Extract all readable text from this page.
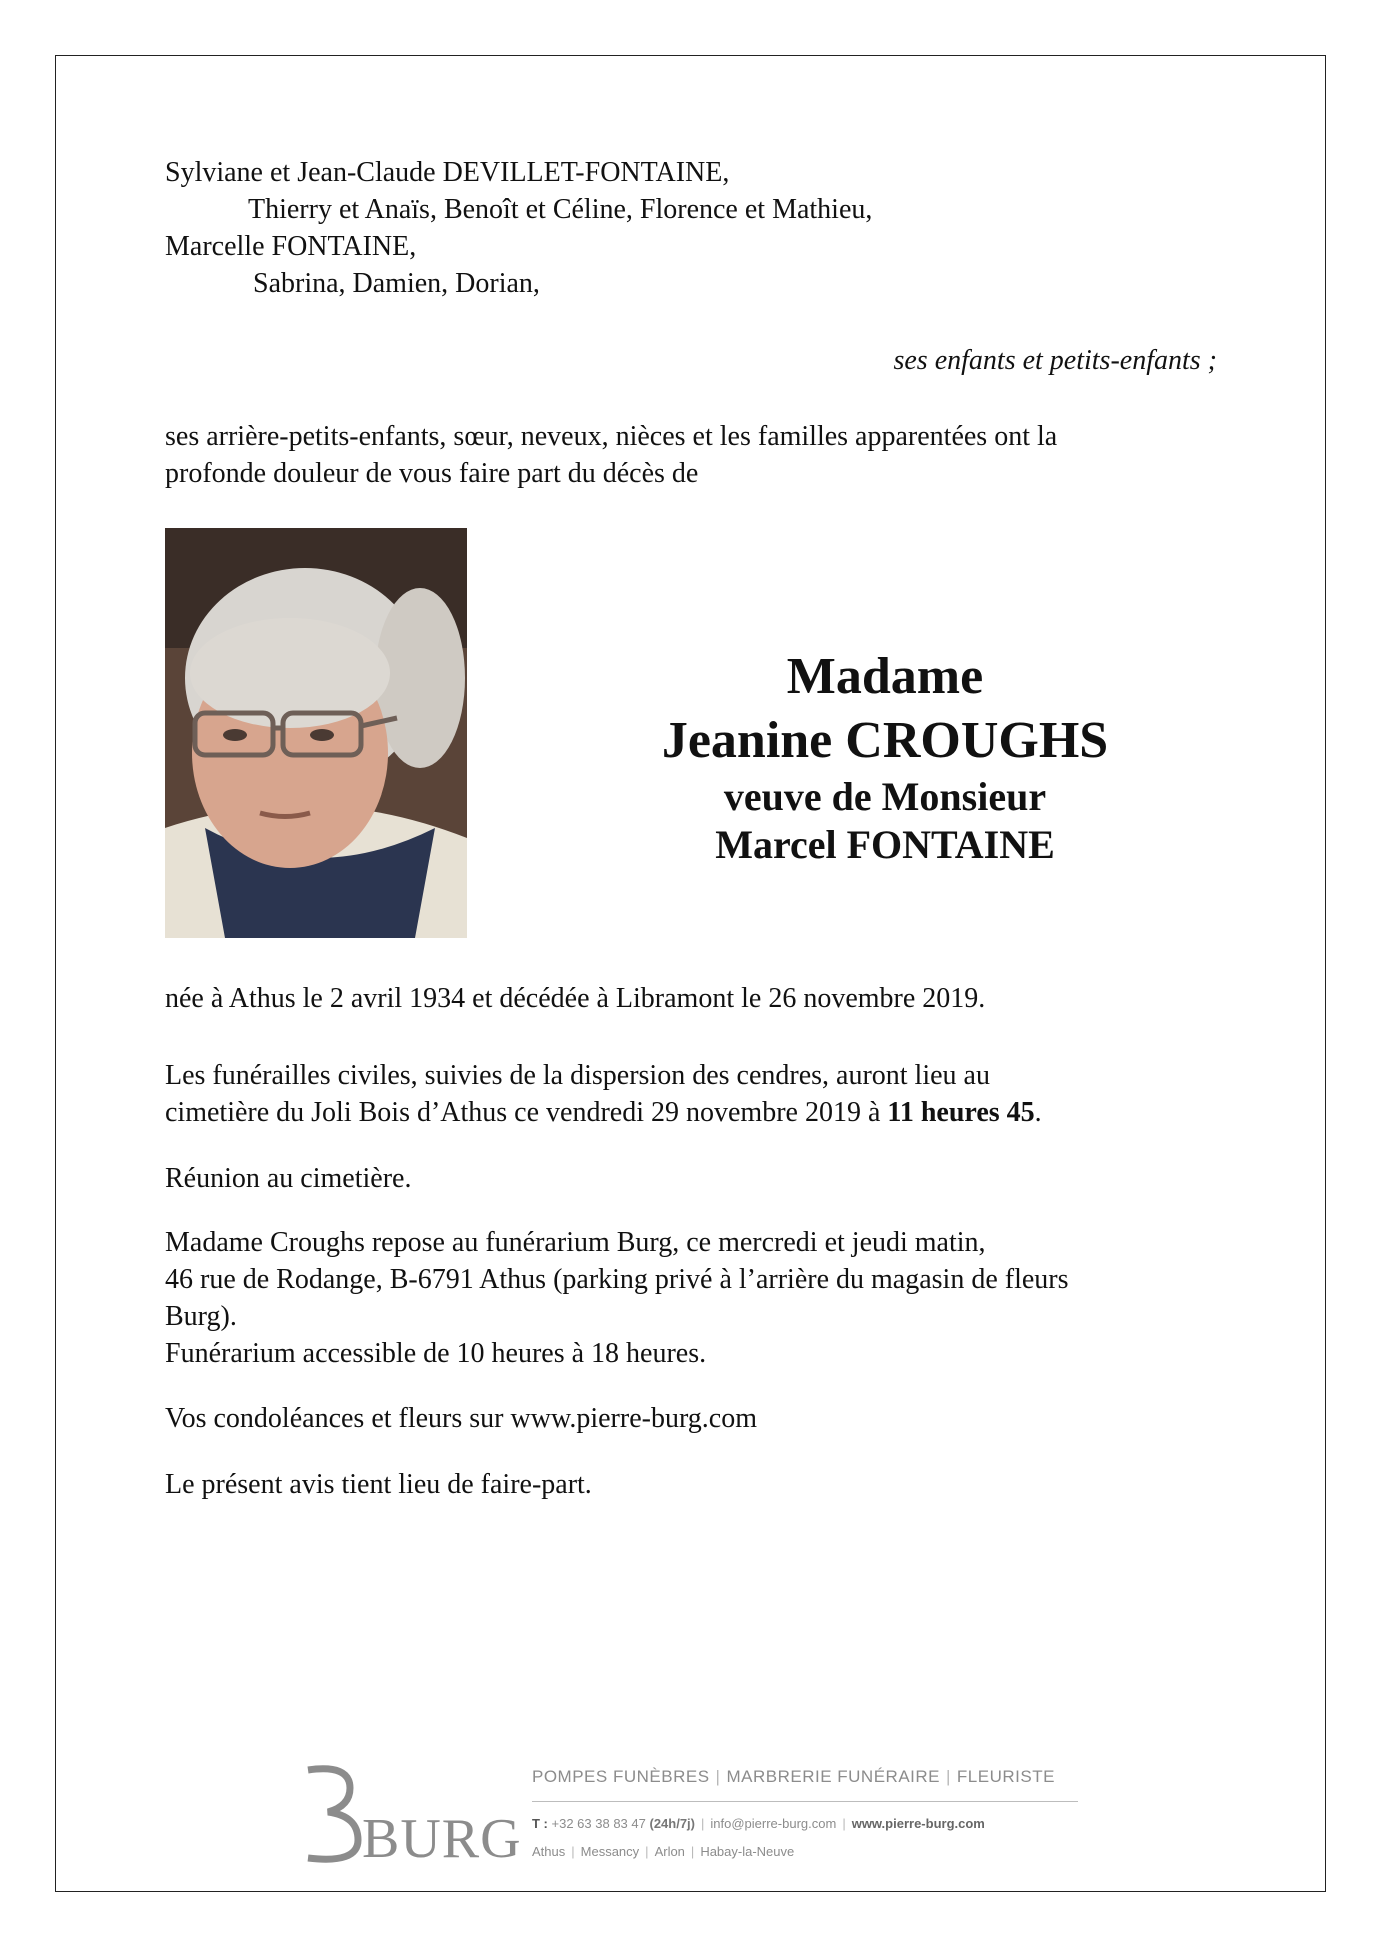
Sylviane et Jean-Claude DEVILLET-FONTAINE,
Thierry et Anaïs, Benoît et Céline, Florence et Mathieu,
Marcelle FONTAINE,
Sabrina, Damien, Dorian,
ses enfants et petits-enfants ;
ses arrière-petits-enfants, sœur, neveux, nièces et les familles apparentées ont la
profonde douleur de vous faire part du décès de
Madame
Jeanine CROUGHS
veuve de Monsieur
Marcel FONTAINE
née à Athus le 2 avril 1934 et décédée à Libramont le 26 novembre 2019.
Les funérailles civiles, suivies de la dispersion des cendres, auront lieu au
cimetière du Joli Bois d’Athus ce vendredi 29 novembre 2019 à 11 heures 45.
Réunion au cimetière.
Madame Croughs repose au funérarium Burg, ce mercredi et jeudi matin,
46 rue de Rodange, B-6791 Athus (parking privé à l’arrière du magasin de fleurs
Burg).
Funérarium accessible de 10 heures à 18 heures.
Vos condoléances et fleurs sur www.pierre-burg.com
Le présent avis tient lieu de faire-part.
BURG
POMPES FUNÈBRES | MARBRERIE FUNÉRAIRE | FLEURISTE
T : +32 63 38 83 47 (24h/7j) | info@pierre-burg.com | www.pierre-burg.com
Athus | Messancy | Arlon | Habay-la-Neuve
